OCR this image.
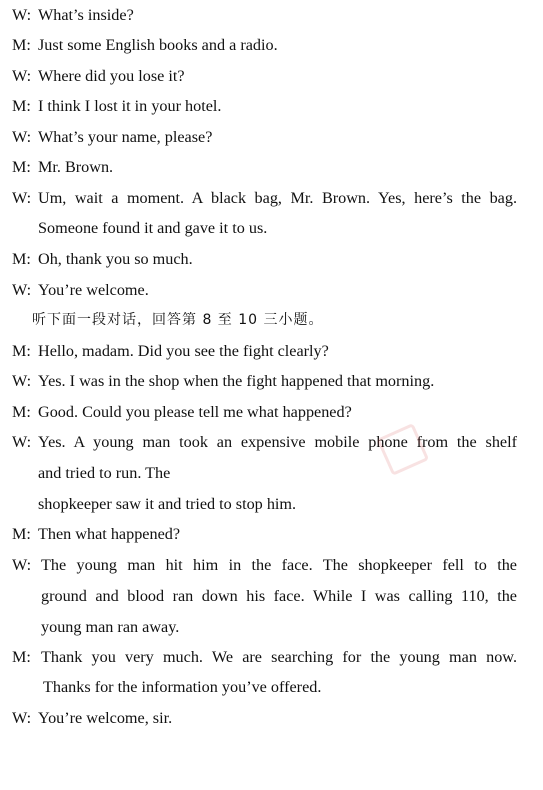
W: What’s inside?
M: Just some English books and a radio.
W: Where did you lose it?
M: I think I lost it in your hotel.
W: What’s your name, please?
M: Mr. Brown.
W: Um, wait a moment. A black bag, Mr. Brown. Yes, here’s the bag.
Someone found it and gave it to us.
M: Oh, thank you so much.
W: You’re welcome.
听下面一段对话，回答第 8 至 10 三小题。
M: Hello, madam. Did you see the fight clearly?
W: Yes. I was in the shop when the fight happened that morning.
M: Good. Could you please tell me what happened?
W: Yes. A young man took an expensive mobile phone from the shelf
and tried to run. The
shopkeeper saw it and tried to stop him.
M: Then what happened?
W: The young man hit him in the face. The shopkeeper fell to the
ground and blood ran down his face. While I was calling 110, the
young man ran away.
M: Thank you very much. We are searching for the young man now.
Thanks for the information you’ve offered.
W: You’re welcome, sir.
